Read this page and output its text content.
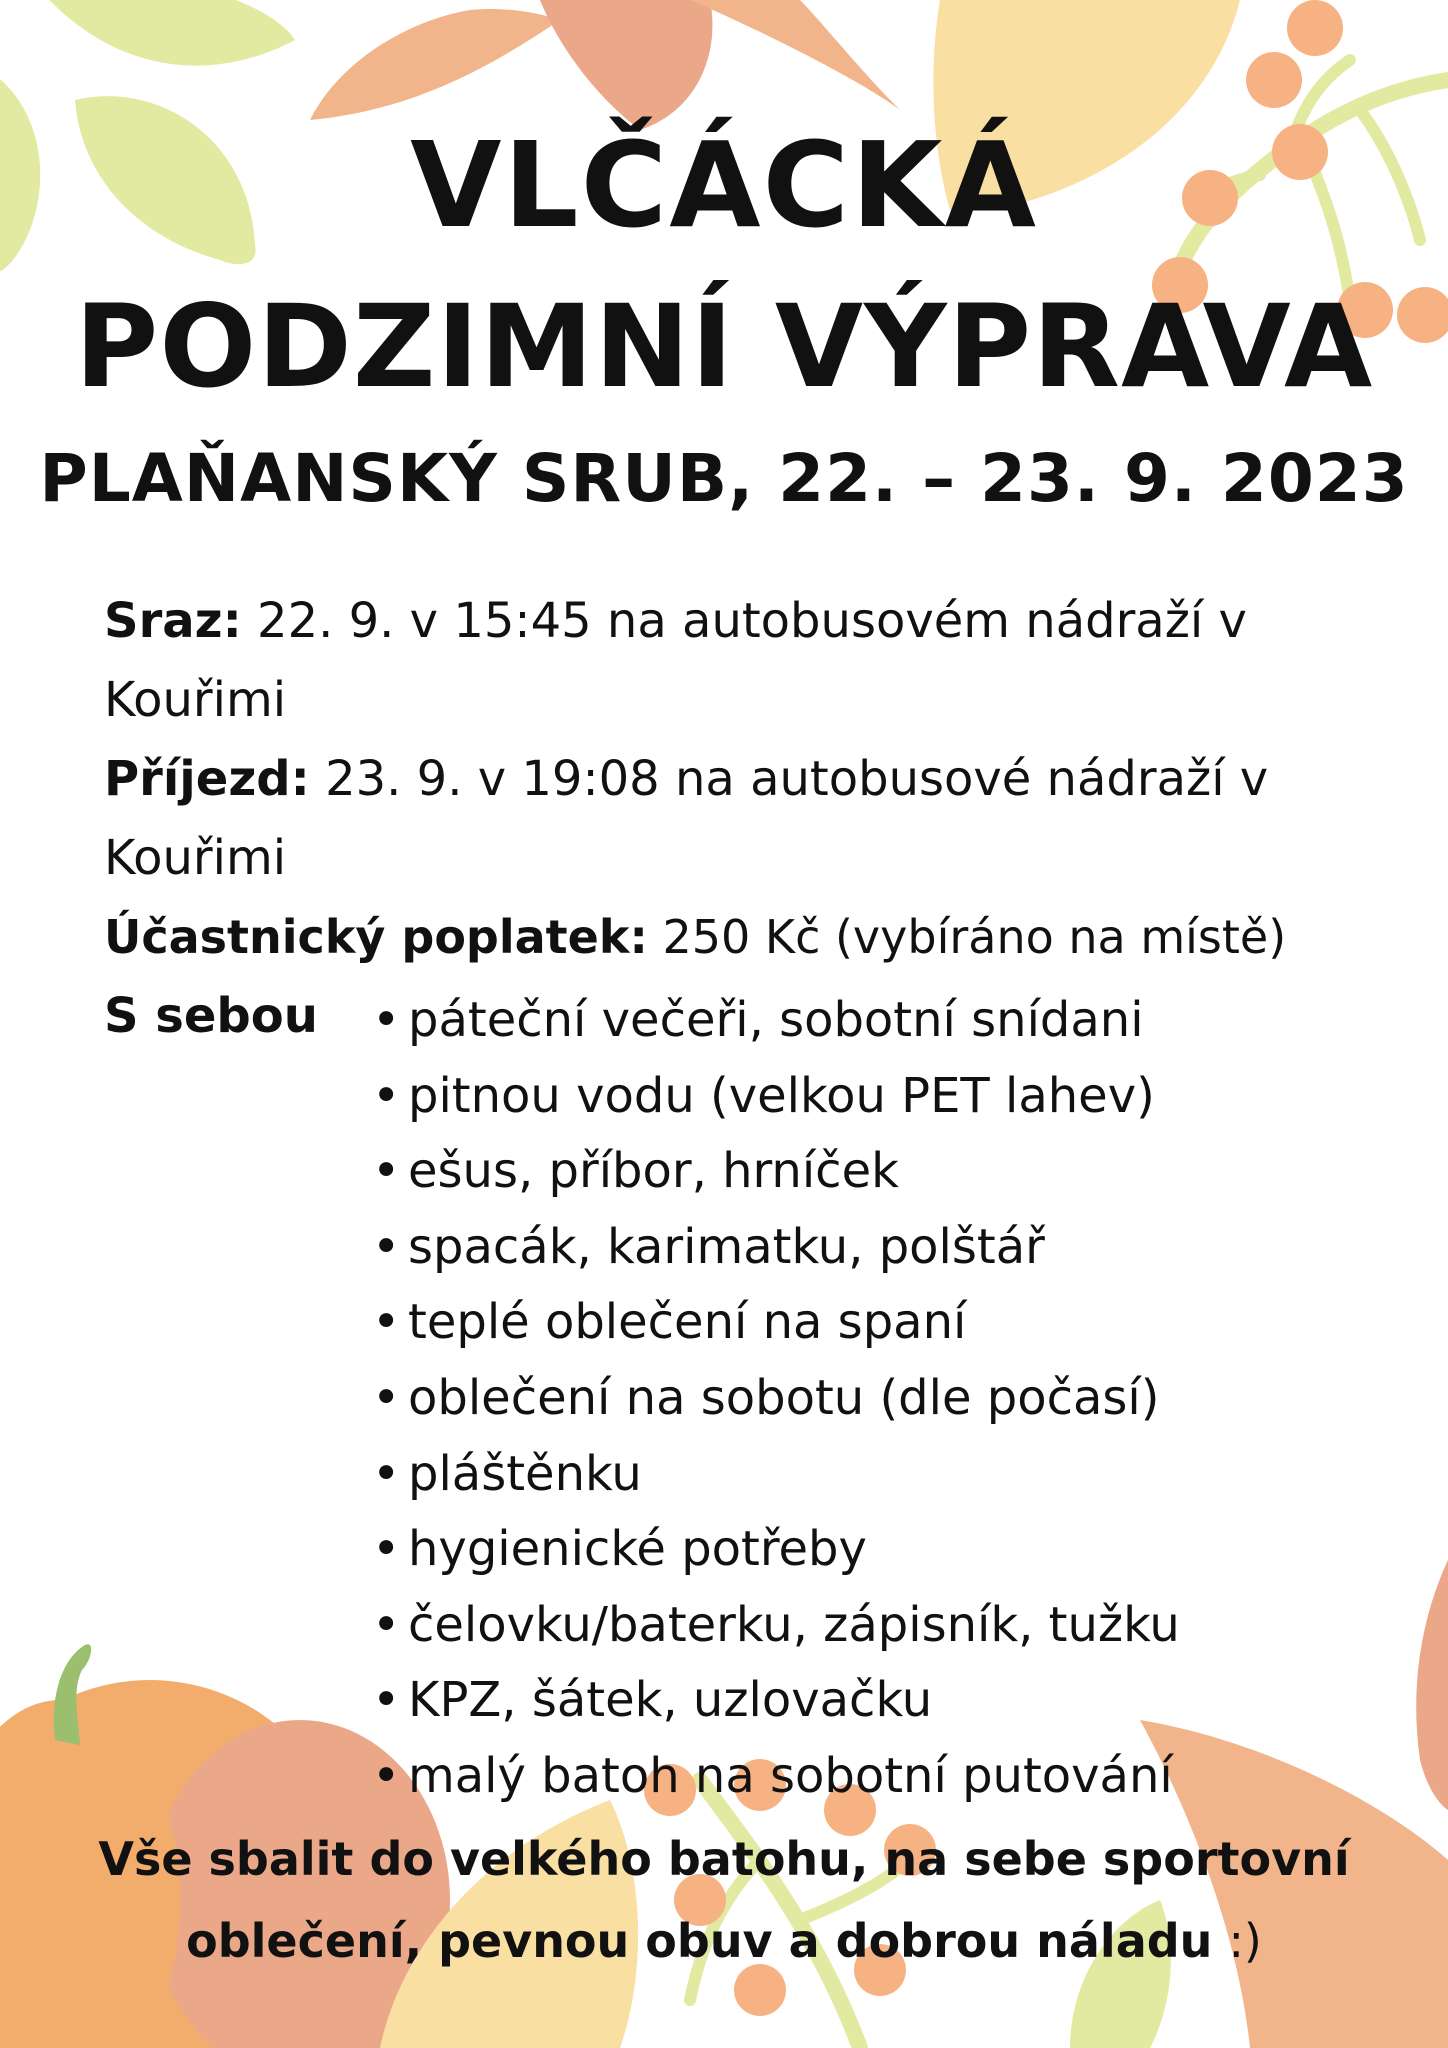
VLČÁCKÁ
PODZIMNÍ VÝPRAVA
PLAŇANSKÝ SRUB, 22. – 23. 9. 2023

Sraz: 22. 9. v 15:45 na autobusovém nádraží v
Kouřimi

Příjezd: 23. 9. v 19:08 na autobusové nádraží v
Kouřimi

Účastnický poplatek: 250 Kč (vybíráno na místě)

S sebou

•	páteční večeři, sobotní snídani
• pitnou vodu (velkou PET lahev)
• ešus, příbor, hrníček
• spacák, karimatku, polštář
• teplé oblečení na spaní
• oblečení na sobotu (dle počasí)
• pláštěnku
• hygienické potřeby
• čelovku/baterku, zápisník, tužku
• KPZ, šátek, uzlovačku
• malý batoh na sobotní putování

Vše sbalit do velkého batohu, na sebe sportovní
oblečení, pevnou obuv a dobrou náladu :)
